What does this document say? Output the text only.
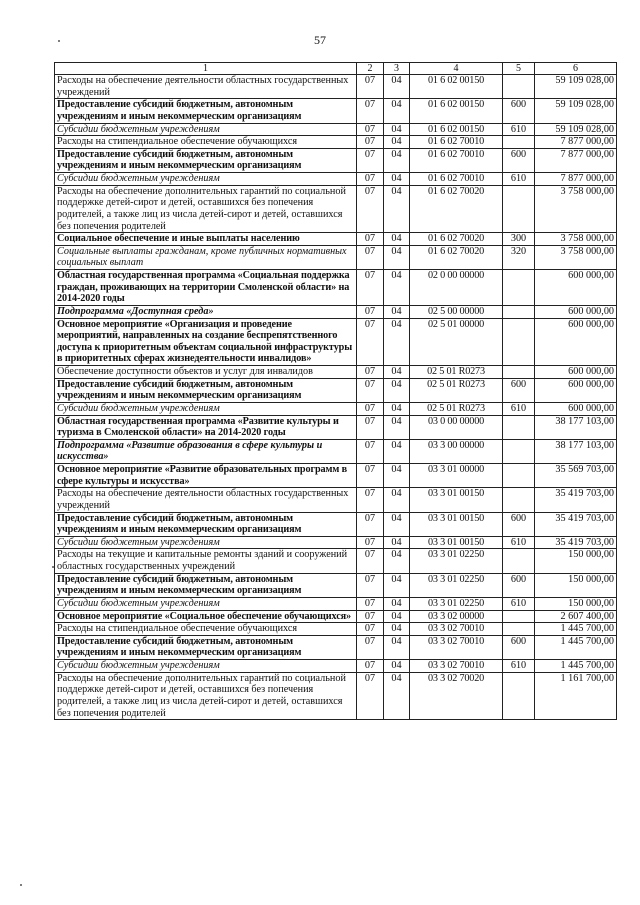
57
1	2	3	4	5	6
Расходы на обеспечение деятельности областных государственных учреждений	07	04	01 6 02 00150		59 109 028,00
Предоставление субсидий бюджетным, автономным учреждениям и иным некоммерческим организациям	07	04	01 6 02 00150	600	59 109 028,00
Субсидии бюджетным учреждениям	07	04	01 6 02 00150	610	59 109 028,00
Расходы на стипендиальное обеспечение обучающихся	07	04	01 6 02 70010		7 877 000,00
Предоставление субсидий бюджетным, автономным учреждениям и иным некоммерческим организациям	07	04	01 6 02 70010	600	7 877 000,00
Субсидии бюджетным учреждениям	07	04	01 6 02 70010	610	7 877 000,00
Расходы на обеспечение дополнительных гарантий по социальной поддержке детей-сирот и детей, оставшихся без попечения родителей, а также лиц из числа детей-сирот и детей, оставшихся без попечения родителей	07	04	01 6 02 70020		3 758 000,00
Социальное обеспечение и иные выплаты населению	07	04	01 6 02 70020	300	3 758 000,00
Социальные выплаты гражданам, кроме публичных нормативных социальных выплат	07	04	01 6 02 70020	320	3 758 000,00
Областная государственная программа «Социальная поддержка граждан, проживающих на территории Смоленской области» на 2014-2020 годы	07	04	02 0 00 00000		600 000,00
Подпрограмма «Доступная среда»	07	04	02 5 00 00000		600 000,00
Основное мероприятие «Организация и проведение мероприятий, направленных на создание беспрепятственного доступа к приоритетным объектам социальной инфраструктуры в приоритетных сферах жизнедеятельности инвалидов»	07	04	02 5 01 00000		600 000,00
Обеспечение доступности объектов и услуг для инвалидов	07	04	02 5 01 R0273		600 000,00
Предоставление субсидий бюджетным, автономным учреждениям и иным некоммерческим организациям	07	04	02 5 01 R0273	600	600 000,00
Субсидии бюджетным учреждениям	07	04	02 5 01 R0273	610	600 000,00
Областная государственная программа «Развитие культуры и туризма в Смоленской области» на 2014-2020 годы	07	04	03 0 00 00000		38 177 103,00
Подпрограмма «Развитие образования в сфере культуры и искусства»	07	04	03 3 00 00000		38 177 103,00
Основное мероприятие «Развитие образовательных программ в сфере культуры и искусства»	07	04	03 3 01 00000		35 569 703,00
Расходы на обеспечение деятельности областных государственных учреждений	07	04	03 3 01 00150		35 419 703,00
Предоставление субсидий бюджетным, автономным учреждениям и иным некоммерческим организациям	07	04	03 3 01 00150	600	35 419 703,00
Субсидии бюджетным учреждениям	07	04	03 3 01 00150	610	35 419 703,00
Расходы на текущие и капитальные ремонты зданий и сооружений областных государственных учреждений	07	04	03 3 01 02250		150 000,00
Предоставление субсидий бюджетным, автономным учреждениям и иным некоммерческим организациям	07	04	03 3 01 02250	600	150 000,00
Субсидии бюджетным учреждениям	07	04	03 3 01 02250	610	150 000,00
Основное мероприятие «Социальное обеспечение обучающихся»	07	04	03 3 02 00000		2 607 400,00
Расходы на стипендиальное обеспечение обучающихся	07	04	03 3 02 70010		1 445 700,00
Предоставление субсидий бюджетным, автономным учреждениям и иным некоммерческим организациям	07	04	03 3 02 70010	600	1 445 700,00
Субсидии бюджетным учреждениям	07	04	03 3 02 70010	610	1 445 700,00
Расходы на обеспечение дополнительных гарантий по социальной поддержке детей-сирот и детей, оставшихся без попечения родителей, а также лиц из числа детей-сирот и детей, оставшихся без попечения родителей	07	04	03 3 02 70020		1 161 700,00
